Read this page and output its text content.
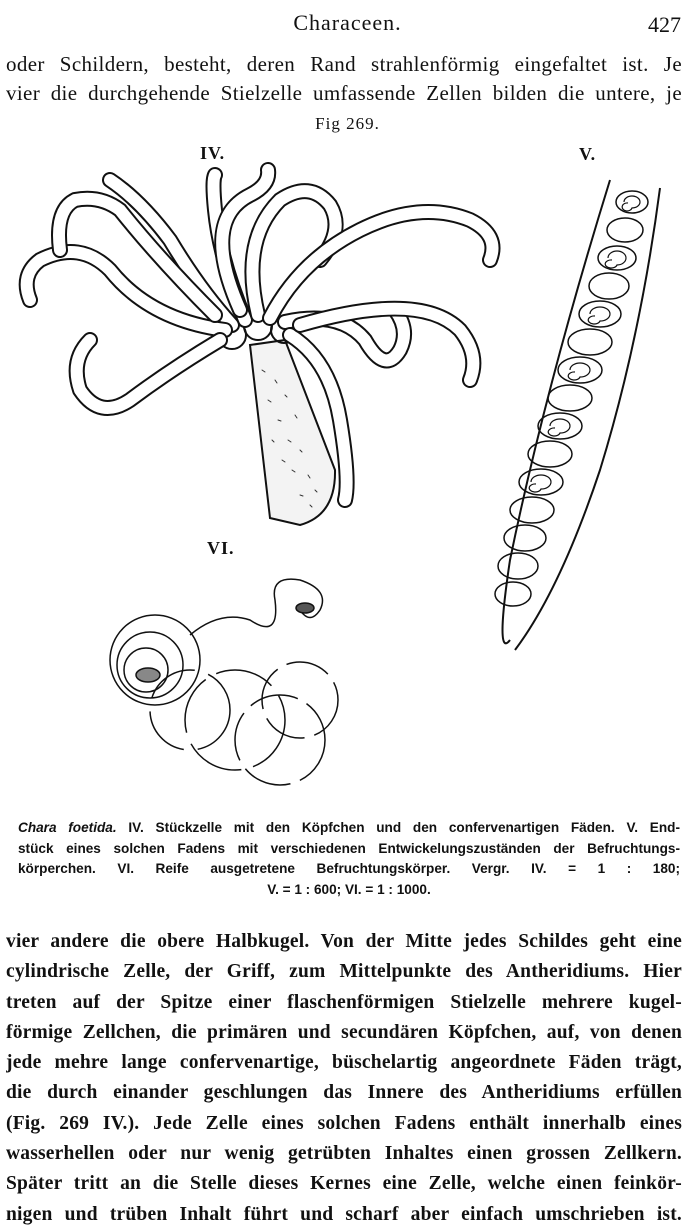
Characeen.	427
oder Schildern, besteht, deren Rand strahlenförmig eingefaltet ist. Je
vier die durchgehende Stielzelle umfassende Zellen bilden die untere, je
Fig 269.
IV.	V.
VI.
Chara foetida. IV. Stückzelle mit den Köpfchen und den confervenartigen Fäden. V. End-
stück eines solchen Fadens mit verschiedenen Entwickelungszuständen der Befruchtungs-
körperchen. VI. Reife ausgetretene Befruchtungskörper. Vergr. IV. = 1 : 180;
V. = 1 : 600; VI. = 1 : 1000.
vier andere die obere Halbkugel. Von der Mitte jedes Schildes geht eine
cylindrische Zelle, der Griff, zum Mittelpunkte des Antheridiums. Hier
treten auf der Spitze einer flaschenförmigen Stielzelle mehrere kugel-
förmige Zellchen, die primären und secundären Köpfchen, auf, von denen
jede mehre lange confervenartige, büschelartig angeordnete Fäden trägt,
die durch einander geschlungen das Innere des Antheridiums erfüllen
(Fig. 269 IV.). Jede Zelle eines solchen Fadens enthält innerhalb eines
wasserhellen oder nur wenig getrübten Inhaltes einen grossen Zellkern.
Später tritt an die Stelle dieses Kernes eine Zelle, welche einen feinkör-
nigen und trüben Inhalt führt und scharf aber einfach umschrieben ist.
